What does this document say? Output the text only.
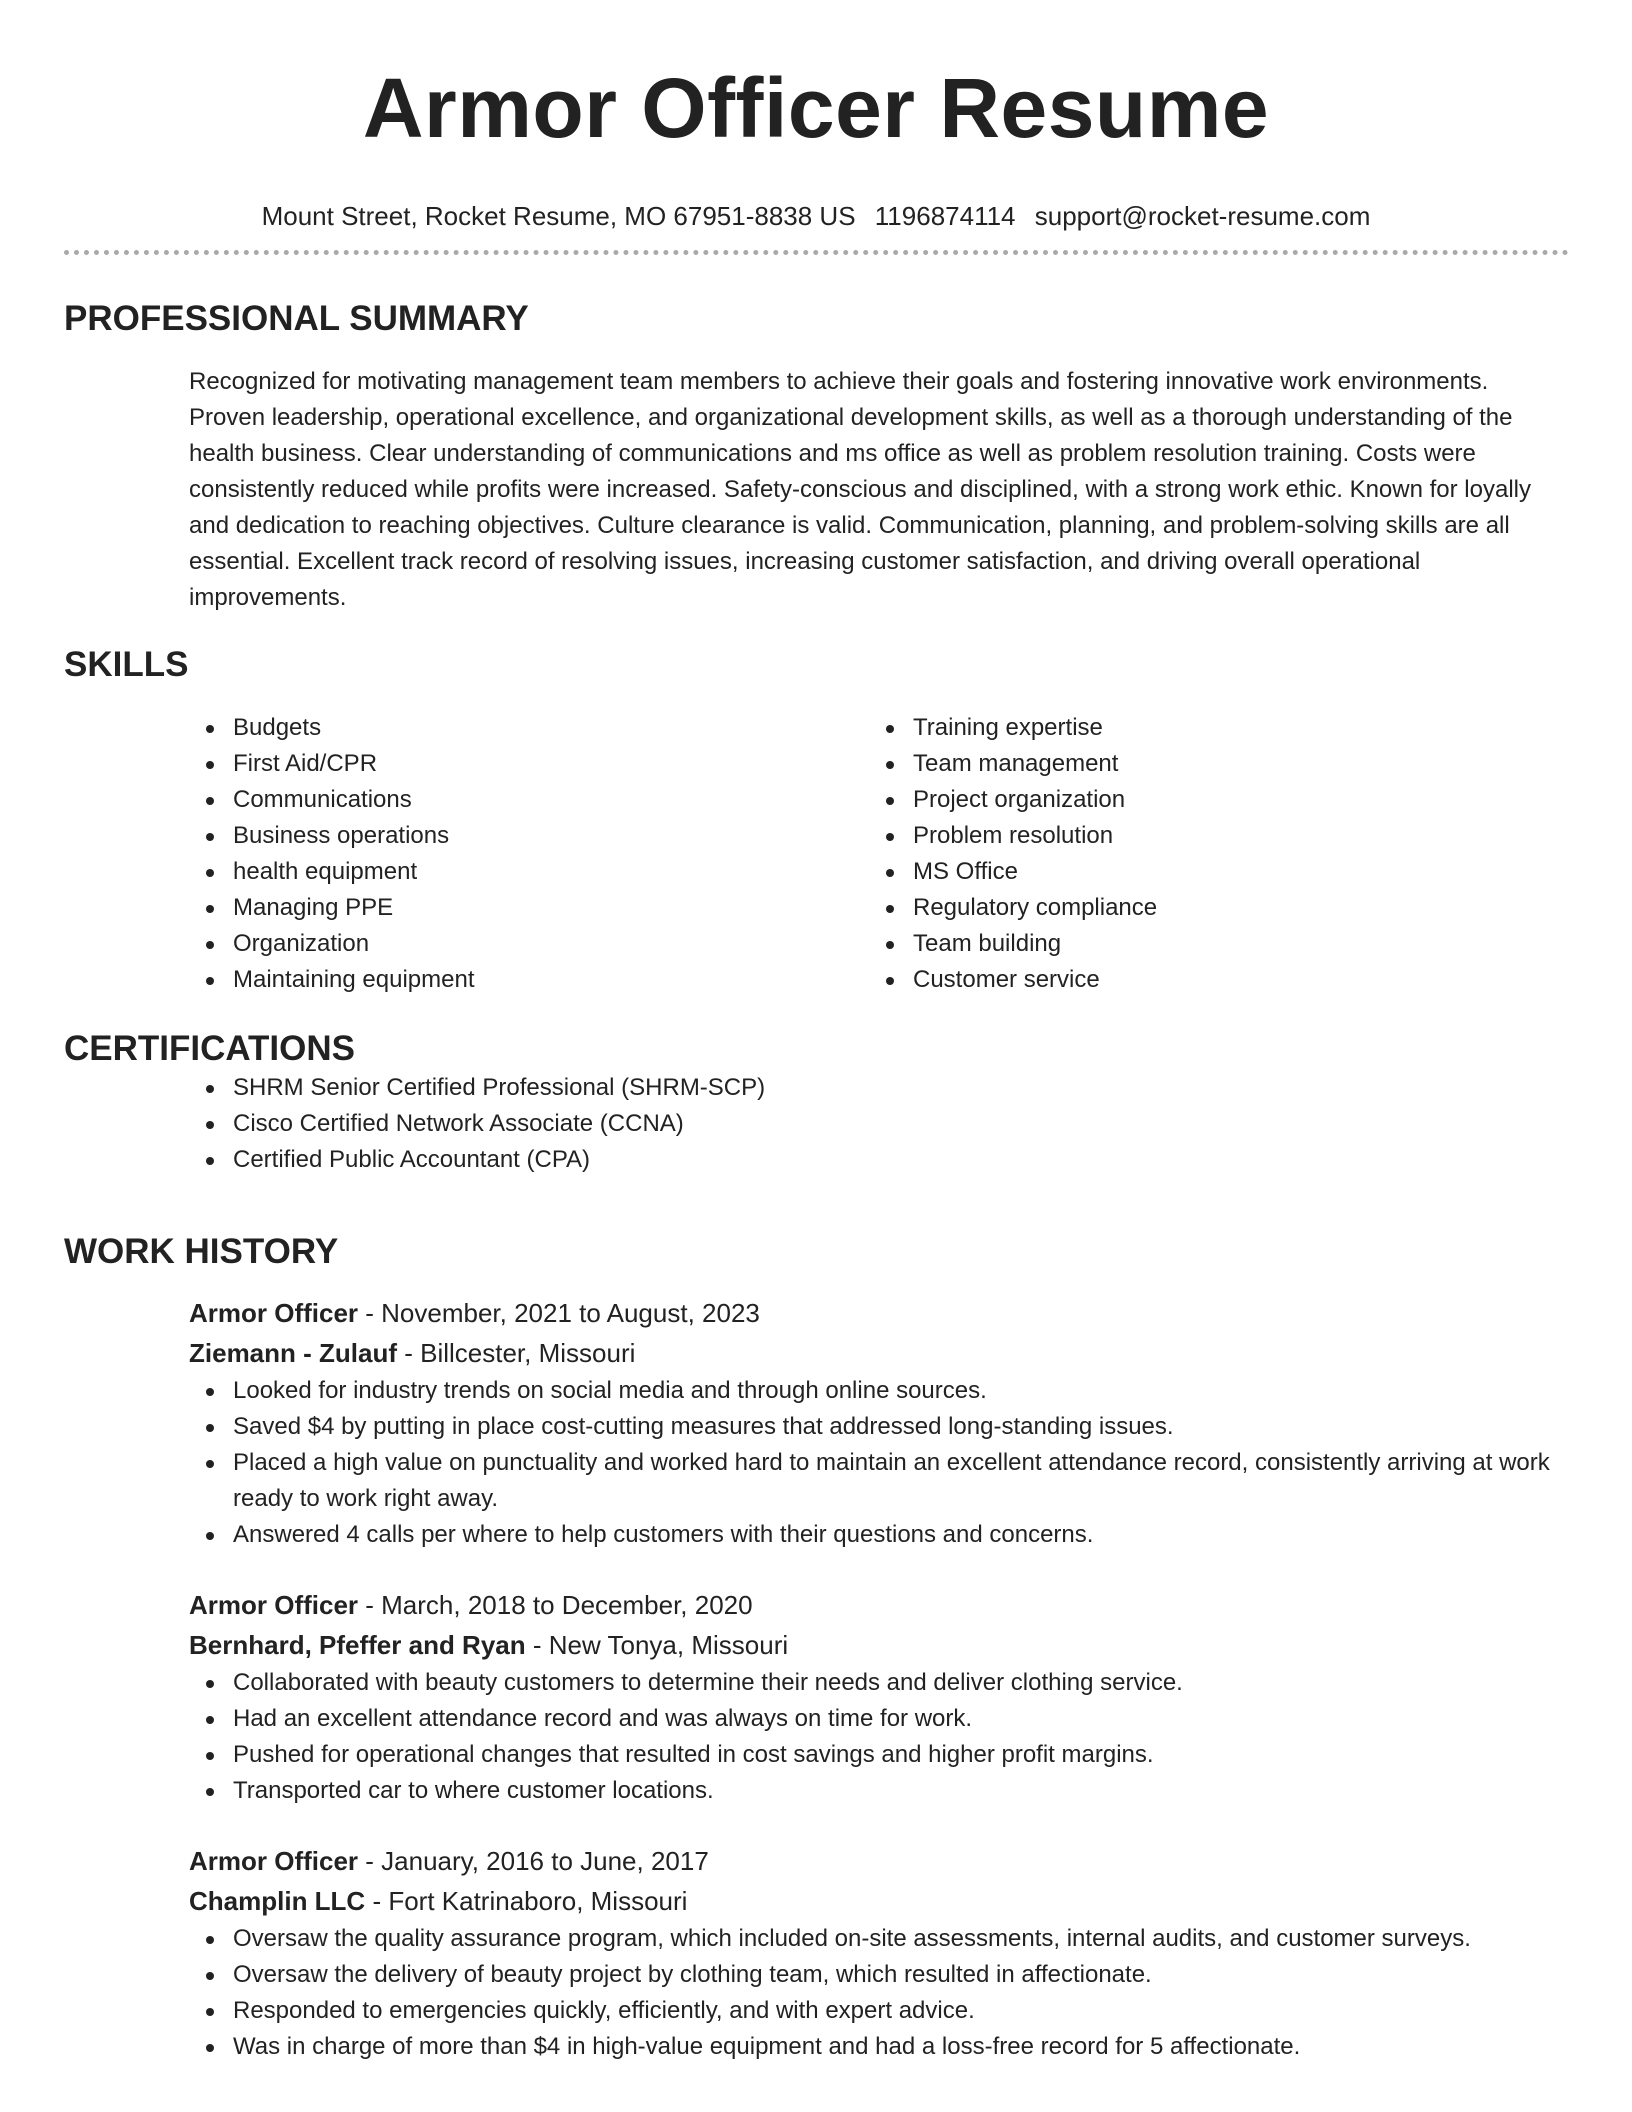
Armor Officer Resume
Mount Street, Rocket Resume, MO 67951-8838 US 1196874114 support@rocket-resume.com
PROFESSIONAL SUMMARY
Recognized for motivating management team members to achieve their goals and fostering innovative work environments. Proven leadership, operational excellence, and organizational development skills, as well as a thorough understanding of the health business. Clear understanding of communications and ms office as well as problem resolution training. Costs were consistently reduced while profits were increased. Safety-conscious and disciplined, with a strong work ethic. Known for loyally and dedication to reaching objectives. Culture clearance is valid. Communication, planning, and problem-solving skills are all essential. Excellent track record of resolving issues, increasing customer satisfaction, and driving overall operational improvements.
SKILLS
Budgets
First Aid/CPR
Communications
Business operations
health equipment
Managing PPE
Organization
Maintaining equipment
Training expertise
Team management
Project organization
Problem resolution
MS Office
Regulatory compliance
Team building
Customer service
CERTIFICATIONS
SHRM Senior Certified Professional (SHRM-SCP)
Cisco Certified Network Associate (CCNA)
Certified Public Accountant (CPA)
WORK HISTORY
Armor Officer - November, 2021 to August, 2023
Ziemann - Zulauf - Billcester, Missouri
Looked for industry trends on social media and through online sources.
Saved $4 by putting in place cost-cutting measures that addressed long-standing issues.
Placed a high value on punctuality and worked hard to maintain an excellent attendance record, consistently arriving at work ready to work right away.
Answered 4 calls per where to help customers with their questions and concerns.
Armor Officer - March, 2018 to December, 2020
Bernhard, Pfeffer and Ryan - New Tonya, Missouri
Collaborated with beauty customers to determine their needs and deliver clothing service.
Had an excellent attendance record and was always on time for work.
Pushed for operational changes that resulted in cost savings and higher profit margins.
Transported car to where customer locations.
Armor Officer - January, 2016 to June, 2017
Champlin LLC - Fort Katrinaboro, Missouri
Oversaw the quality assurance program, which included on-site assessments, internal audits, and customer surveys.
Oversaw the delivery of beauty project by clothing team, which resulted in affectionate.
Responded to emergencies quickly, efficiently, and with expert advice.
Was in charge of more than $4 in high-value equipment and had a loss-free record for 5 affectionate.
